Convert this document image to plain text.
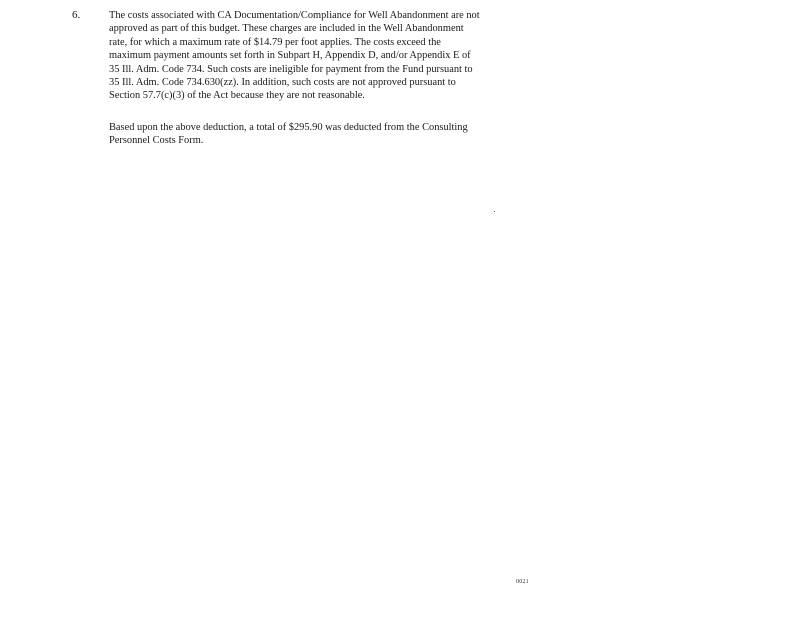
6.	The costs associated with CA Documentation/Compliance for Well Abandonment are not
approved as part of this budget. These charges are included in the Well Abandonment
rate, for which a maximum rate of $14.79 per foot applies. The costs exceed the
maximum payment amounts set forth in Subpart H, Appendix D, and/or Appendix E of
35 Ill. Adm. Code 734. Such costs are ineligible for payment from the Fund pursuant to
35 Ill. Adm. Code 734.630(zz). In addition, such costs are not approved pursuant to
Section 57.7(c)(3) of the Act because they are not reasonable.

Based upon the above deduction, a total of $295.90 was deducted from the Consulting
Personnel Costs Form.

0021
